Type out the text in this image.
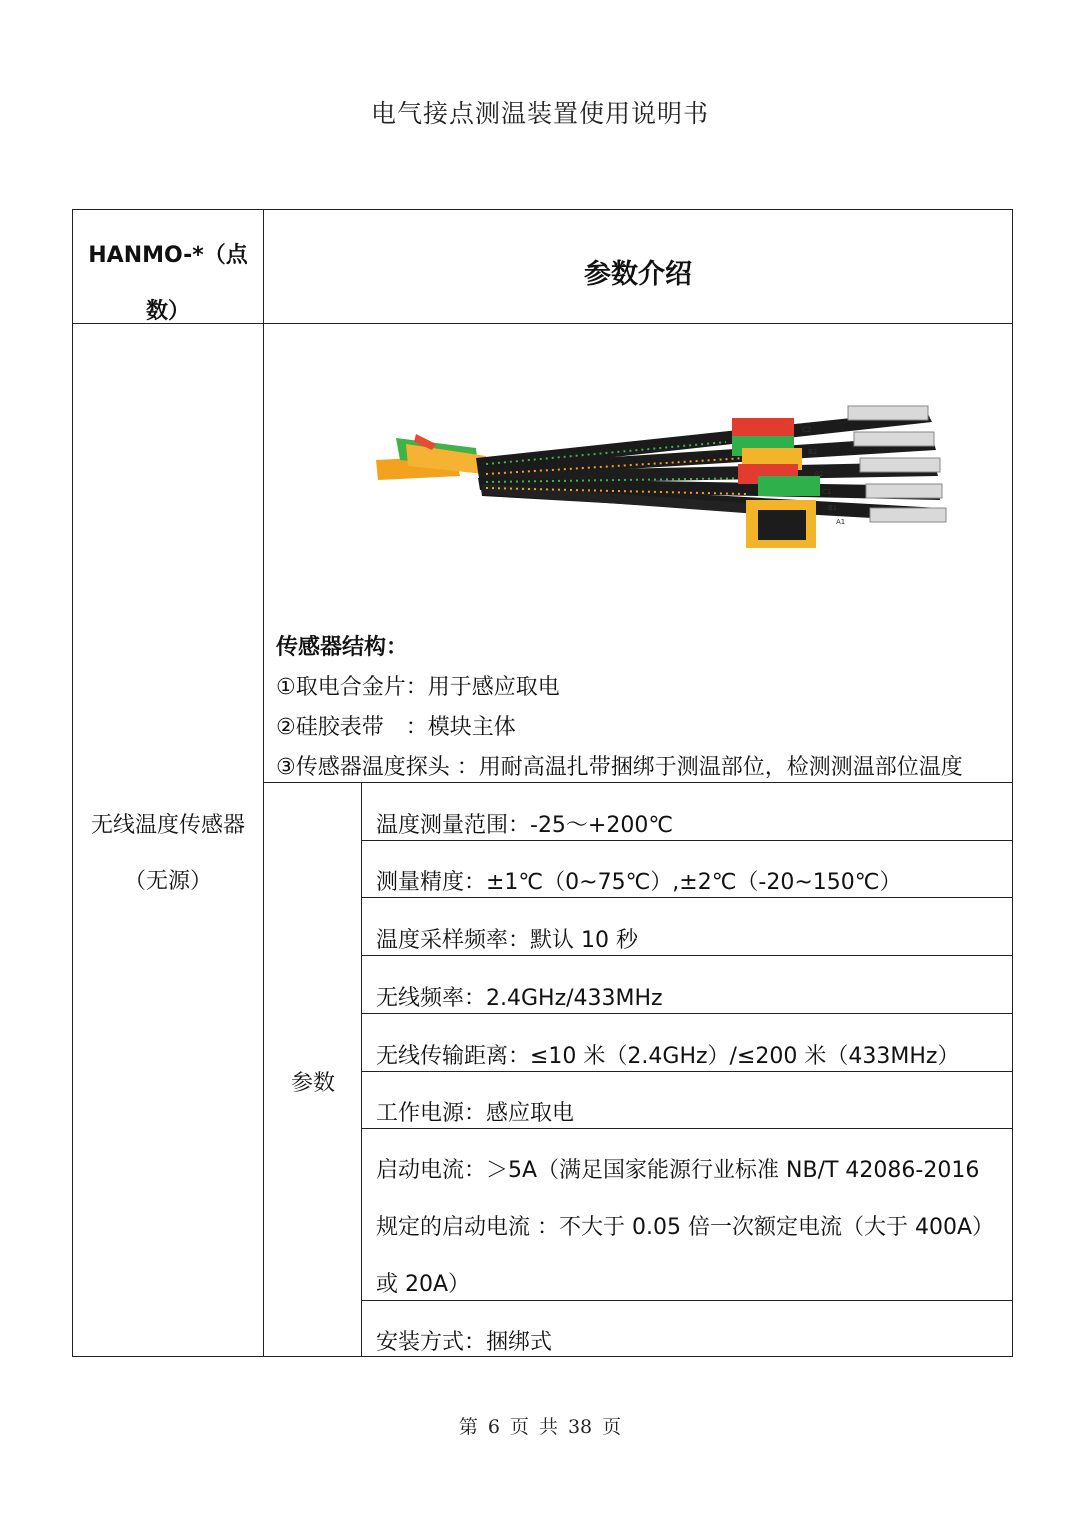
电气接点测温装置使用说明书
HANMO-*（点
数）
参数介绍
无线温度传感器
（无源）
C2
B2
A2
C1
B1
A1
传感器结构：
①取电合金片：用于感应取电
②硅胶表带　：模块主体
③传感器温度探头 ：用耐高温扎带捆绑于测温部位，检测测温部位温度
参数
温度测量范围：-25～+200℃
测量精度：±1℃（0~75℃）,±2℃（-20~150℃）
温度采样频率：默认 10 秒
无线频率：2.4GHz/433MHz
无线传输距离：≤10 米（2.4GHz）/≤200 米（433MHz）
工作电源：感应取电
启动电流：＞5A（满足国家能源行业标准 NB/T 42086-2016
规定的启动电流 ：不大于 0.05 倍一次额定电流（大于 400A）
或 20A）
安装方式：捆绑式
第 6 页 共 38 页
